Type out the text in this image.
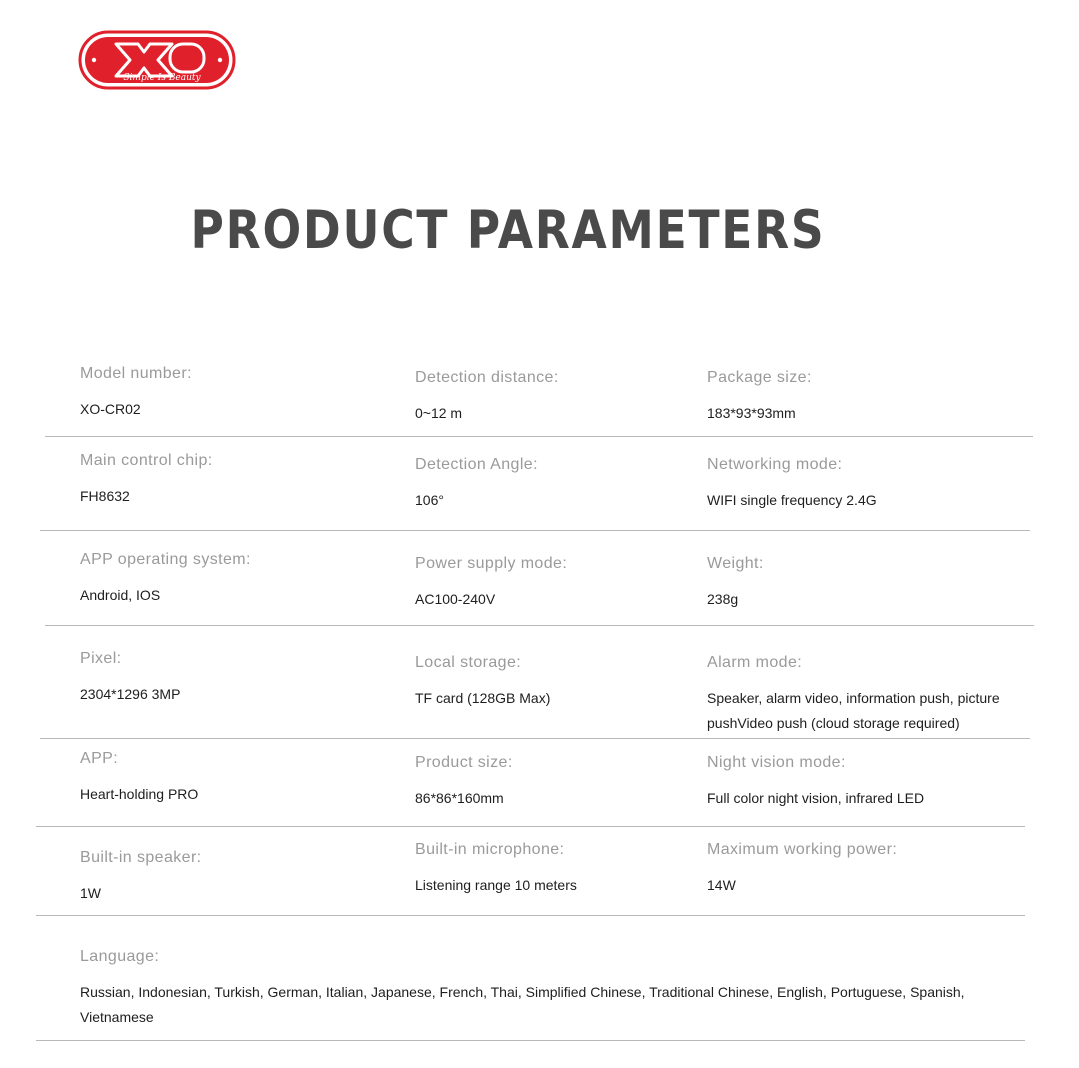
Simple Is Beauty
PRODUCT PARAMETERS
Model number:
XO-CR02
Detection distance:
0~12 m
Package size:
183*93*93mm
Main control chip:
FH8632
Detection Angle:
106°
Networking mode:
WIFI single frequency 2.4G
APP operating system:
Android, IOS
Power supply mode:
AC100-240V
Weight:
238g
Pixel:
2304*1296 3MP
Local storage:
TF card (128GB Max)
Alarm mode:
Speaker, alarm video, information push, picture pushVideo push (cloud storage required)
APP:
Heart-holding PRO
Product size:
86*86*160mm
Night vision mode:
Full color night vision, infrared LED
Built-in speaker:
1W
Built-in microphone:
Listening range 10 meters
Maximum working power:
14W
Language:
Russian, Indonesian, Turkish, German, Italian, Japanese, French, Thai, Simplified Chinese, Traditional Chinese, English, Portuguese, Spanish, Vietnamese
